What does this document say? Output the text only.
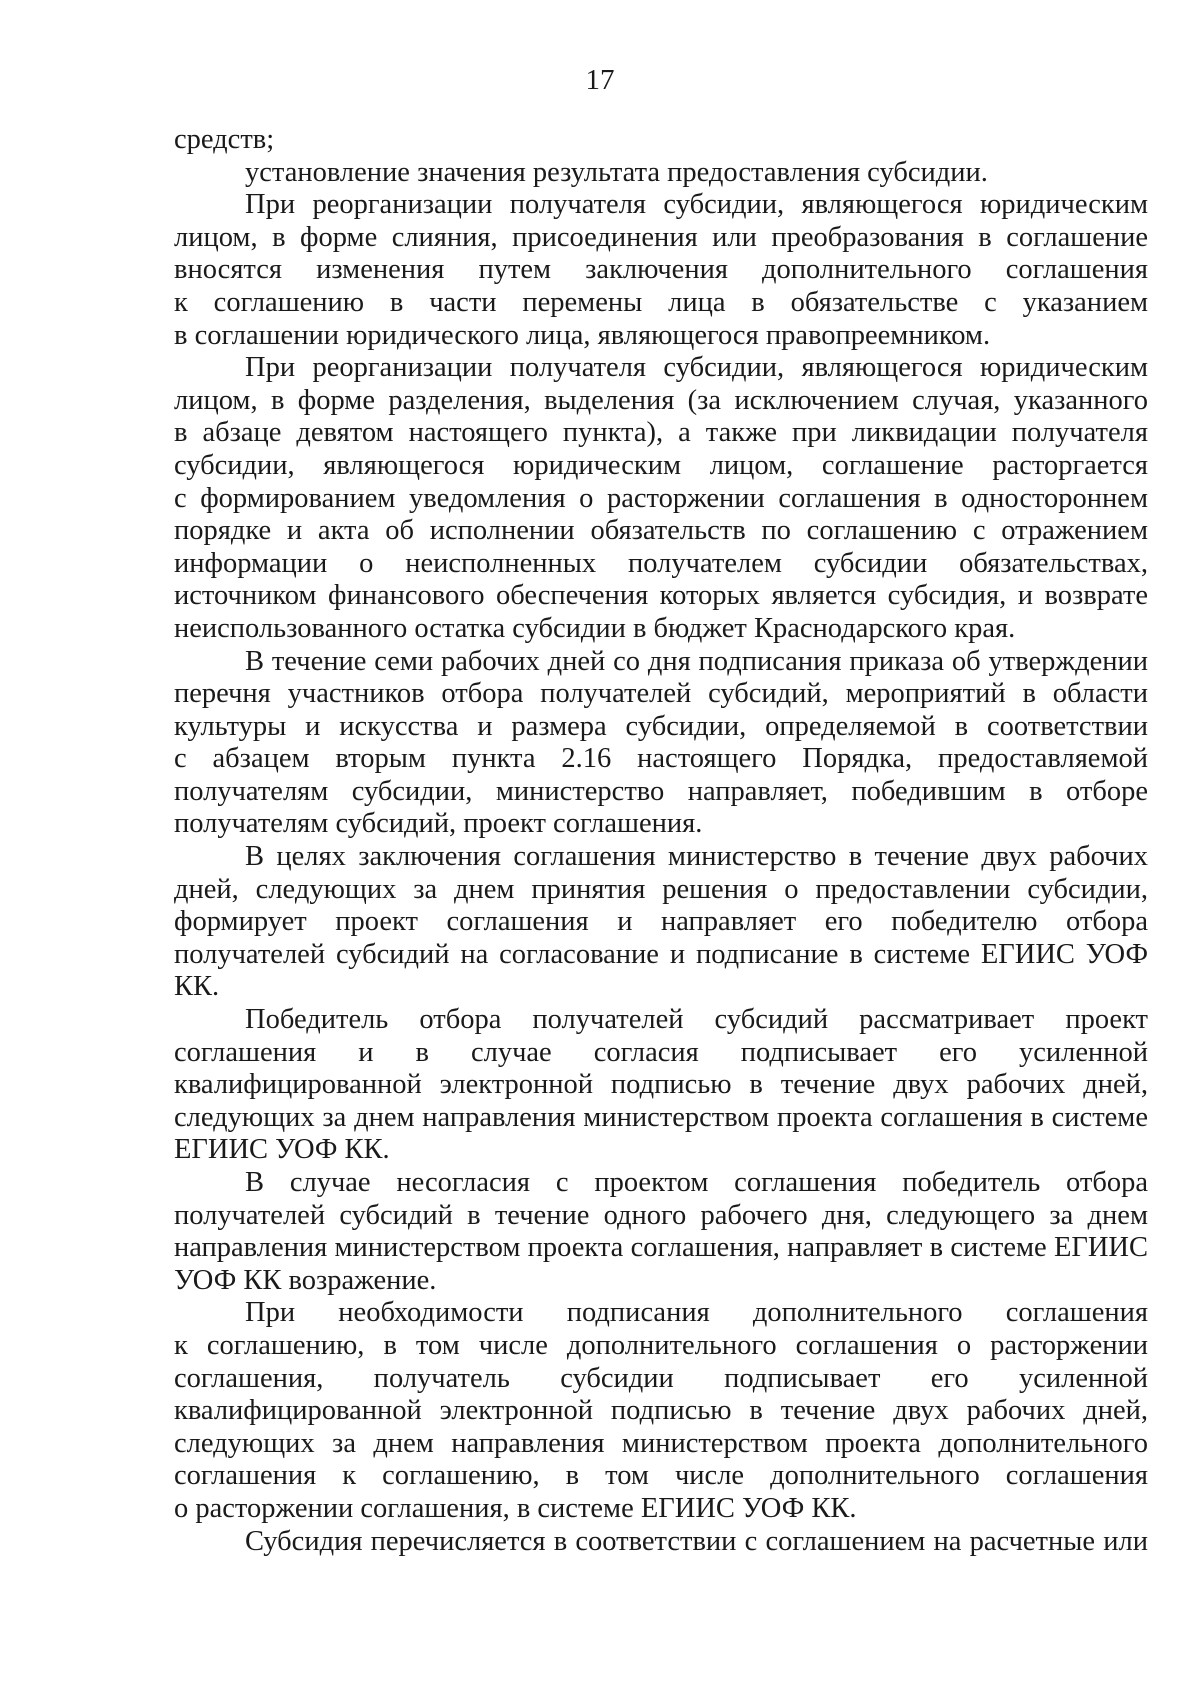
17
средств;
установление значения результата предоставления субсидии.
При реорганизации получателя субсидии, являющегося юридическим
лицом, в форме слияния, присоединения или преобразования в соглашение
вносятся изменения путем заключения дополнительного соглашения
к соглашению в части перемены лица в обязательстве с указанием
в соглашении юридического лица, являющегося правопреемником.
При реорганизации получателя субсидии, являющегося юридическим
лицом, в форме разделения, выделения (за исключением случая, указанного
в абзаце девятом настоящего пункта), а также при ликвидации получателя
субсидии, являющегося юридическим лицом, соглашение расторгается
с формированием уведомления о расторжении соглашения в одностороннем
порядке и акта об исполнении обязательств по соглашению с отражением
информации о неисполненных получателем субсидии обязательствах,
источником финансового обеспечения которых является субсидия, и возврате
неиспользованного остатка субсидии в бюджет Краснодарского края.
В течение семи рабочих дней со дня подписания приказа об утверждении
перечня участников отбора получателей субсидий, мероприятий в области
культуры и искусства и размера субсидии, определяемой в соответствии
с абзацем вторым пункта 2.16 настоящего Порядка, предоставляемой
получателям субсидии, министерство направляет, победившим в отборе
получателям субсидий, проект соглашения.
В целях заключения соглашения министерство в течение двух рабочих
дней, следующих за днем принятия решения о предоставлении субсидии,
формирует проект соглашения и направляет его победителю отбора
получателей субсидий на согласование и подписание в системе ЕГИИС УОФ
КК.
Победитель отбора получателей субсидий рассматривает проект
соглашения и в случае согласия подписывает его усиленной
квалифицированной электронной подписью в течение двух рабочих дней,
следующих за днем направления министерством проекта соглашения в системе
ЕГИИС УОФ КК.
В случае несогласия с проектом соглашения победитель отбора
получателей субсидий в течение одного рабочего дня, следующего за днем
направления министерством проекта соглашения, направляет в системе ЕГИИС
УОФ КК возражение.
При необходимости подписания дополнительного соглашения
к соглашению, в том числе дополнительного соглашения о расторжении
соглашения, получатель субсидии подписывает его усиленной
квалифицированной электронной подписью в течение двух рабочих дней,
следующих за днем направления министерством проекта дополнительного
соглашения к соглашению, в том числе дополнительного соглашения
о расторжении соглашения, в системе ЕГИИС УОФ КК.
Субсидия перечисляется в соответствии с соглашением на расчетные или
